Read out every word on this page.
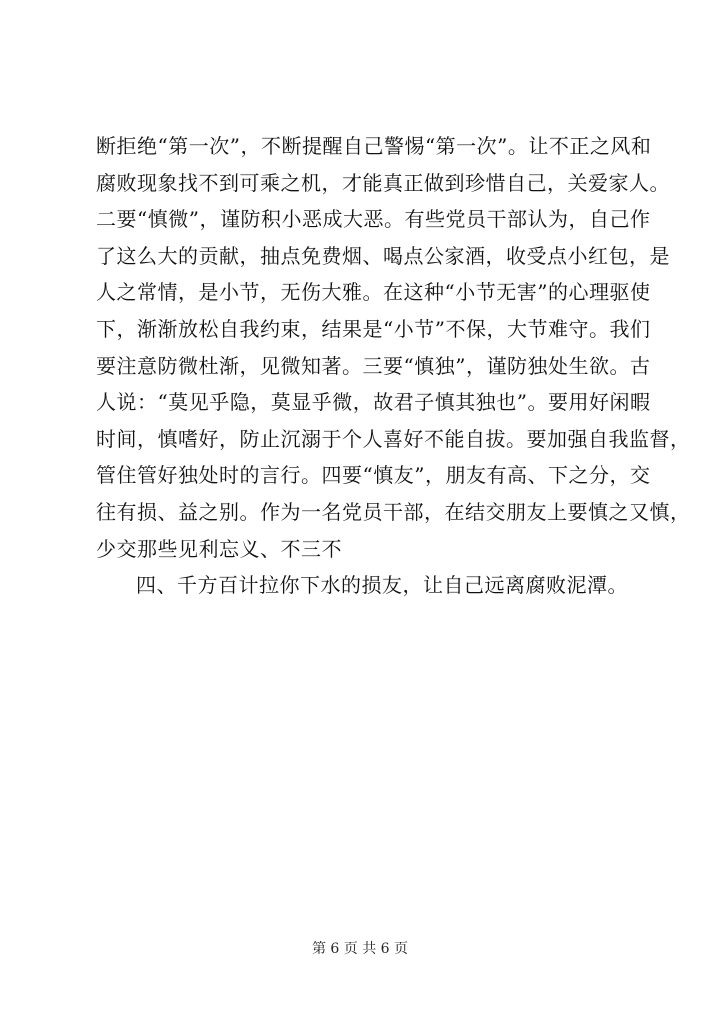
断拒绝“第一次”，不断提醒自己警惕“第一次”。让不正之风和
腐败现象找不到可乘之机，才能真正做到珍惜自己，关爱家人。
二要“慎微”，谨防积小恶成大恶。有些党员干部认为，自己作
了这么大的贡献，抽点免费烟、喝点公家酒，收受点小红包，是
人之常情，是小节，无伤大雅。在这种“小节无害”的心理驱使
下，渐渐放松自我约束，结果是“小节”不保，大节难守。我们
要注意防微杜渐，见微知著。三要“慎独”，谨防独处生欲。古
人说：“莫见乎隐，莫显乎微，故君子慎其独也”。要用好闲暇
时间，慎嗜好，防止沉溺于个人喜好不能自拔。要加强自我监督，
管住管好独处时的言行。四要“慎友”，朋友有高、下之分，交
往有损、益之别。作为一名党员干部，在结交朋友上要慎之又慎，
少交那些见利忘义、不三不
四、千方百计拉你下水的损友，让自己远离腐败泥潭。
第 6 页 共 6 页
